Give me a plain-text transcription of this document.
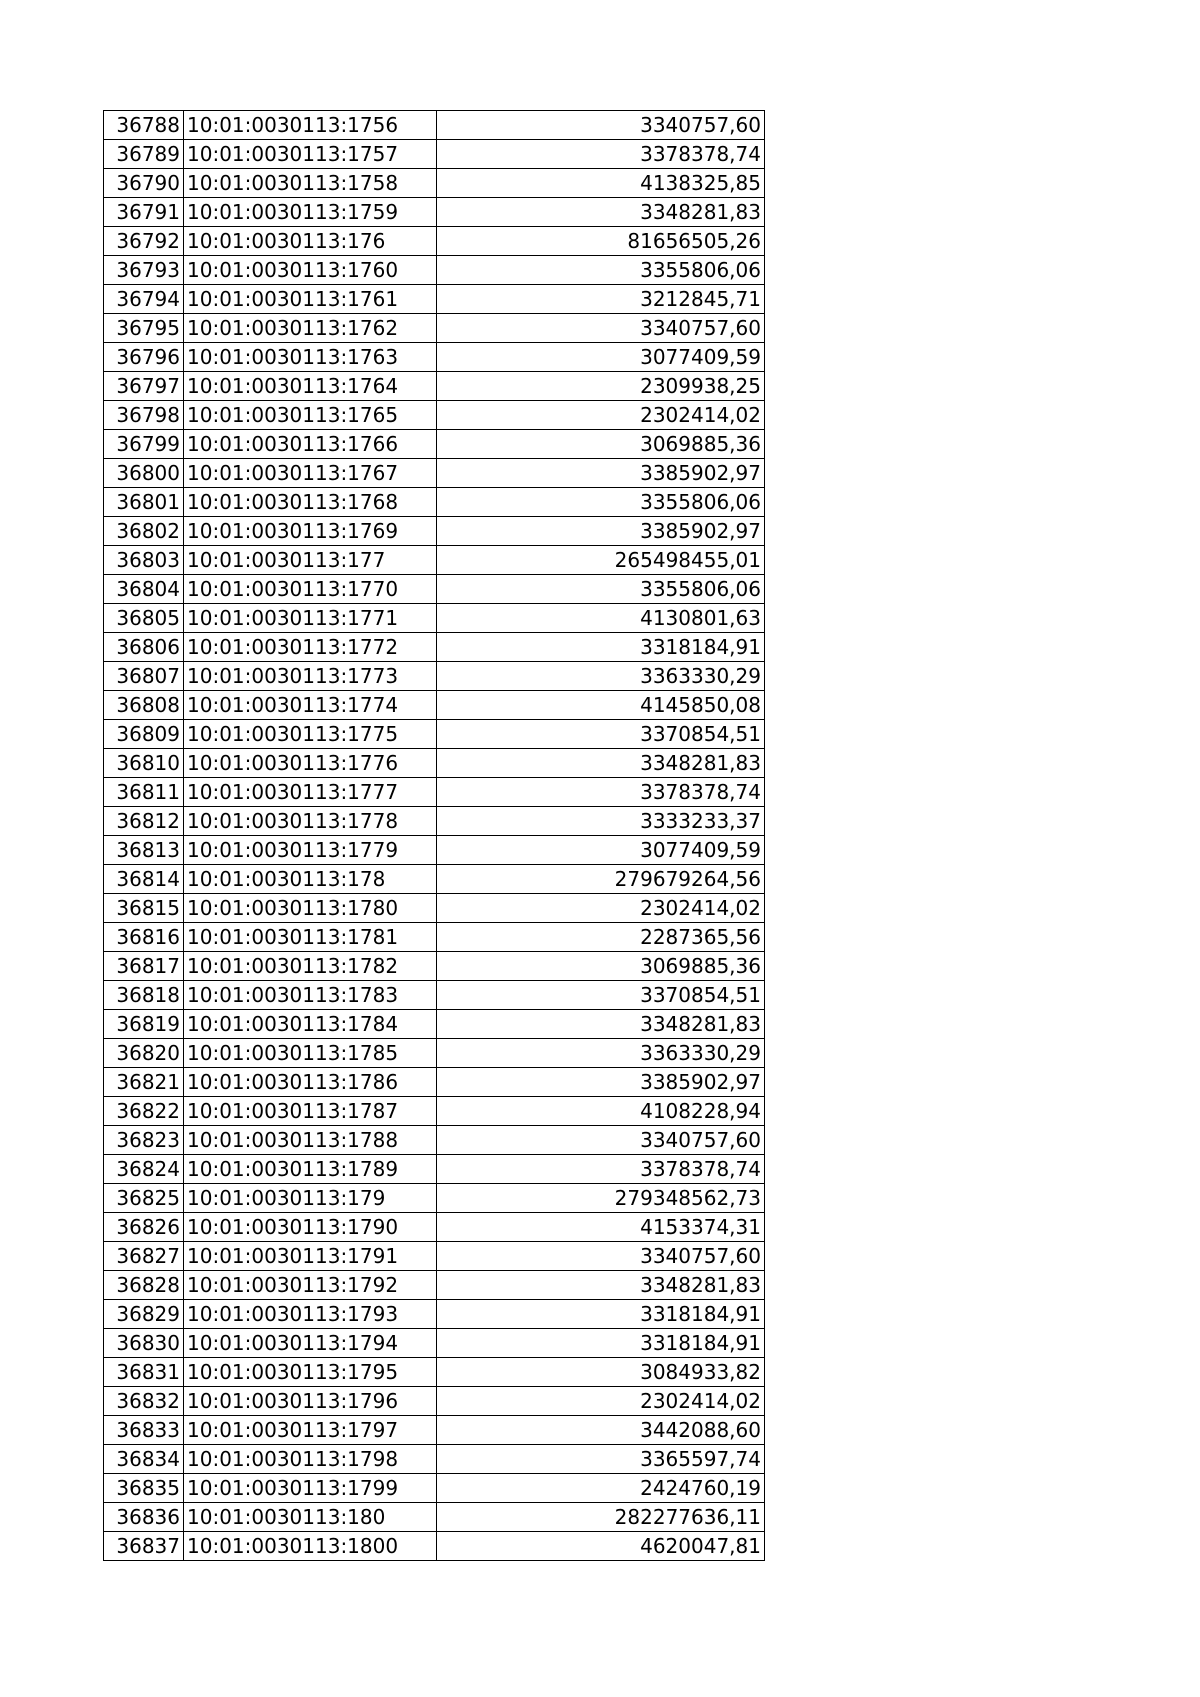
36788	10:01:0030113:1756	3340757,60
36789	10:01:0030113:1757	3378378,74
36790	10:01:0030113:1758	4138325,85
36791	10:01:0030113:1759	3348281,83
36792	10:01:0030113:176	81656505,26
36793	10:01:0030113:1760	3355806,06
36794	10:01:0030113:1761	3212845,71
36795	10:01:0030113:1762	3340757,60
36796	10:01:0030113:1763	3077409,59
36797	10:01:0030113:1764	2309938,25
36798	10:01:0030113:1765	2302414,02
36799	10:01:0030113:1766	3069885,36
36800	10:01:0030113:1767	3385902,97
36801	10:01:0030113:1768	3355806,06
36802	10:01:0030113:1769	3385902,97
36803	10:01:0030113:177	265498455,01
36804	10:01:0030113:1770	3355806,06
36805	10:01:0030113:1771	4130801,63
36806	10:01:0030113:1772	3318184,91
36807	10:01:0030113:1773	3363330,29
36808	10:01:0030113:1774	4145850,08
36809	10:01:0030113:1775	3370854,51
36810	10:01:0030113:1776	3348281,83
36811	10:01:0030113:1777	3378378,74
36812	10:01:0030113:1778	3333233,37
36813	10:01:0030113:1779	3077409,59
36814	10:01:0030113:178	279679264,56
36815	10:01:0030113:1780	2302414,02
36816	10:01:0030113:1781	2287365,56
36817	10:01:0030113:1782	3069885,36
36818	10:01:0030113:1783	3370854,51
36819	10:01:0030113:1784	3348281,83
36820	10:01:0030113:1785	3363330,29
36821	10:01:0030113:1786	3385902,97
36822	10:01:0030113:1787	4108228,94
36823	10:01:0030113:1788	3340757,60
36824	10:01:0030113:1789	3378378,74
36825	10:01:0030113:179	279348562,73
36826	10:01:0030113:1790	4153374,31
36827	10:01:0030113:1791	3340757,60
36828	10:01:0030113:1792	3348281,83
36829	10:01:0030113:1793	3318184,91
36830	10:01:0030113:1794	3318184,91
36831	10:01:0030113:1795	3084933,82
36832	10:01:0030113:1796	2302414,02
36833	10:01:0030113:1797	3442088,60
36834	10:01:0030113:1798	3365597,74
36835	10:01:0030113:1799	2424760,19
36836	10:01:0030113:180	282277636,11
36837	10:01:0030113:1800	4620047,81
